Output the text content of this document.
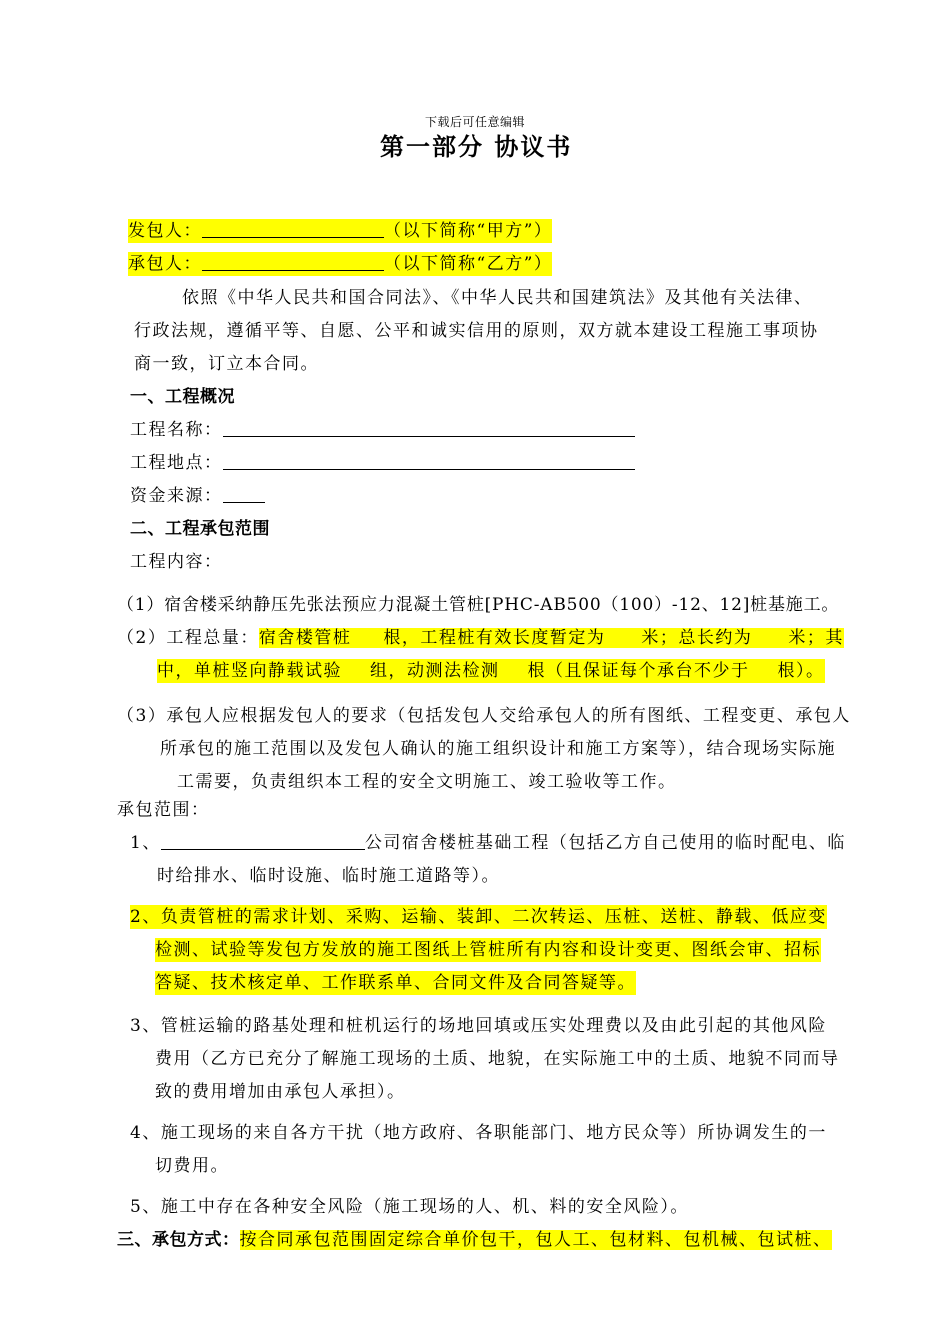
下载后可任意编辑
第一部分 协议书
发包人：	（以下简称“甲方”）
承包人：	（以下简称“乙方”）
依照《中华人民共和国合同法》、《中华人民共和国建筑法》及其他有关法律、
行政法规，遵循平等、自愿、公平和诚实信用的原则，双方就本建设工程施工事项协
商一致，订立本合同。
一、工程概况
工程名称：
工程地点：
资金来源：
二、工程承包范围
工程内容：
（1）宿舍楼采纳静压先张法预应力混凝土管桩[PHC-AB500（100）-12、12]桩基施工。
（2）工程总量：宿舍楼管桩 根，工程桩有效长度暂定为 米；总长约为 米；其
中，单桩竖向静载试验 组，动测法检测 根（且保证每个承台不少于 根）。
（3）承包人应根据发包人的要求（包括发包人交给承包人的所有图纸、工程变更、承包人
所承包的施工范围以及发包人确认的施工组织设计和施工方案等），结合现场实际施
工需要，负责组织本工程的安全文明施工、竣工验收等工作。
承包范围：
1、	公司宿舍楼桩基础工程（包括乙方自己使用的临时配电、临
时给排水、临时设施、临时施工道路等）。
2、负责管桩的需求计划、采购、运输、装卸、二次转运、压桩、送桩、静载、低应变
检测、试验等发包方发放的施工图纸上管桩所有内容和设计变更、图纸会审、招标
答疑、技术核定单、工作联系单、合同文件及合同答疑等。
3、管桩运输的路基处理和桩机运行的场地回填或压实处理费以及由此引起的其他风险
费用（乙方已充分了解施工现场的土质、地貌，在实际施工中的土质、地貌不同而导
致的费用增加由承包人承担）。
4、施工现场的来自各方干扰（地方政府、各职能部门、地方民众等）所协调发生的一
切费用。
5、施工中存在各种安全风险（施工现场的人、机、料的安全风险）。
三、承包方式：按合同承包范围固定综合单价包干，包人工、包材料、包机械、包试桩、
